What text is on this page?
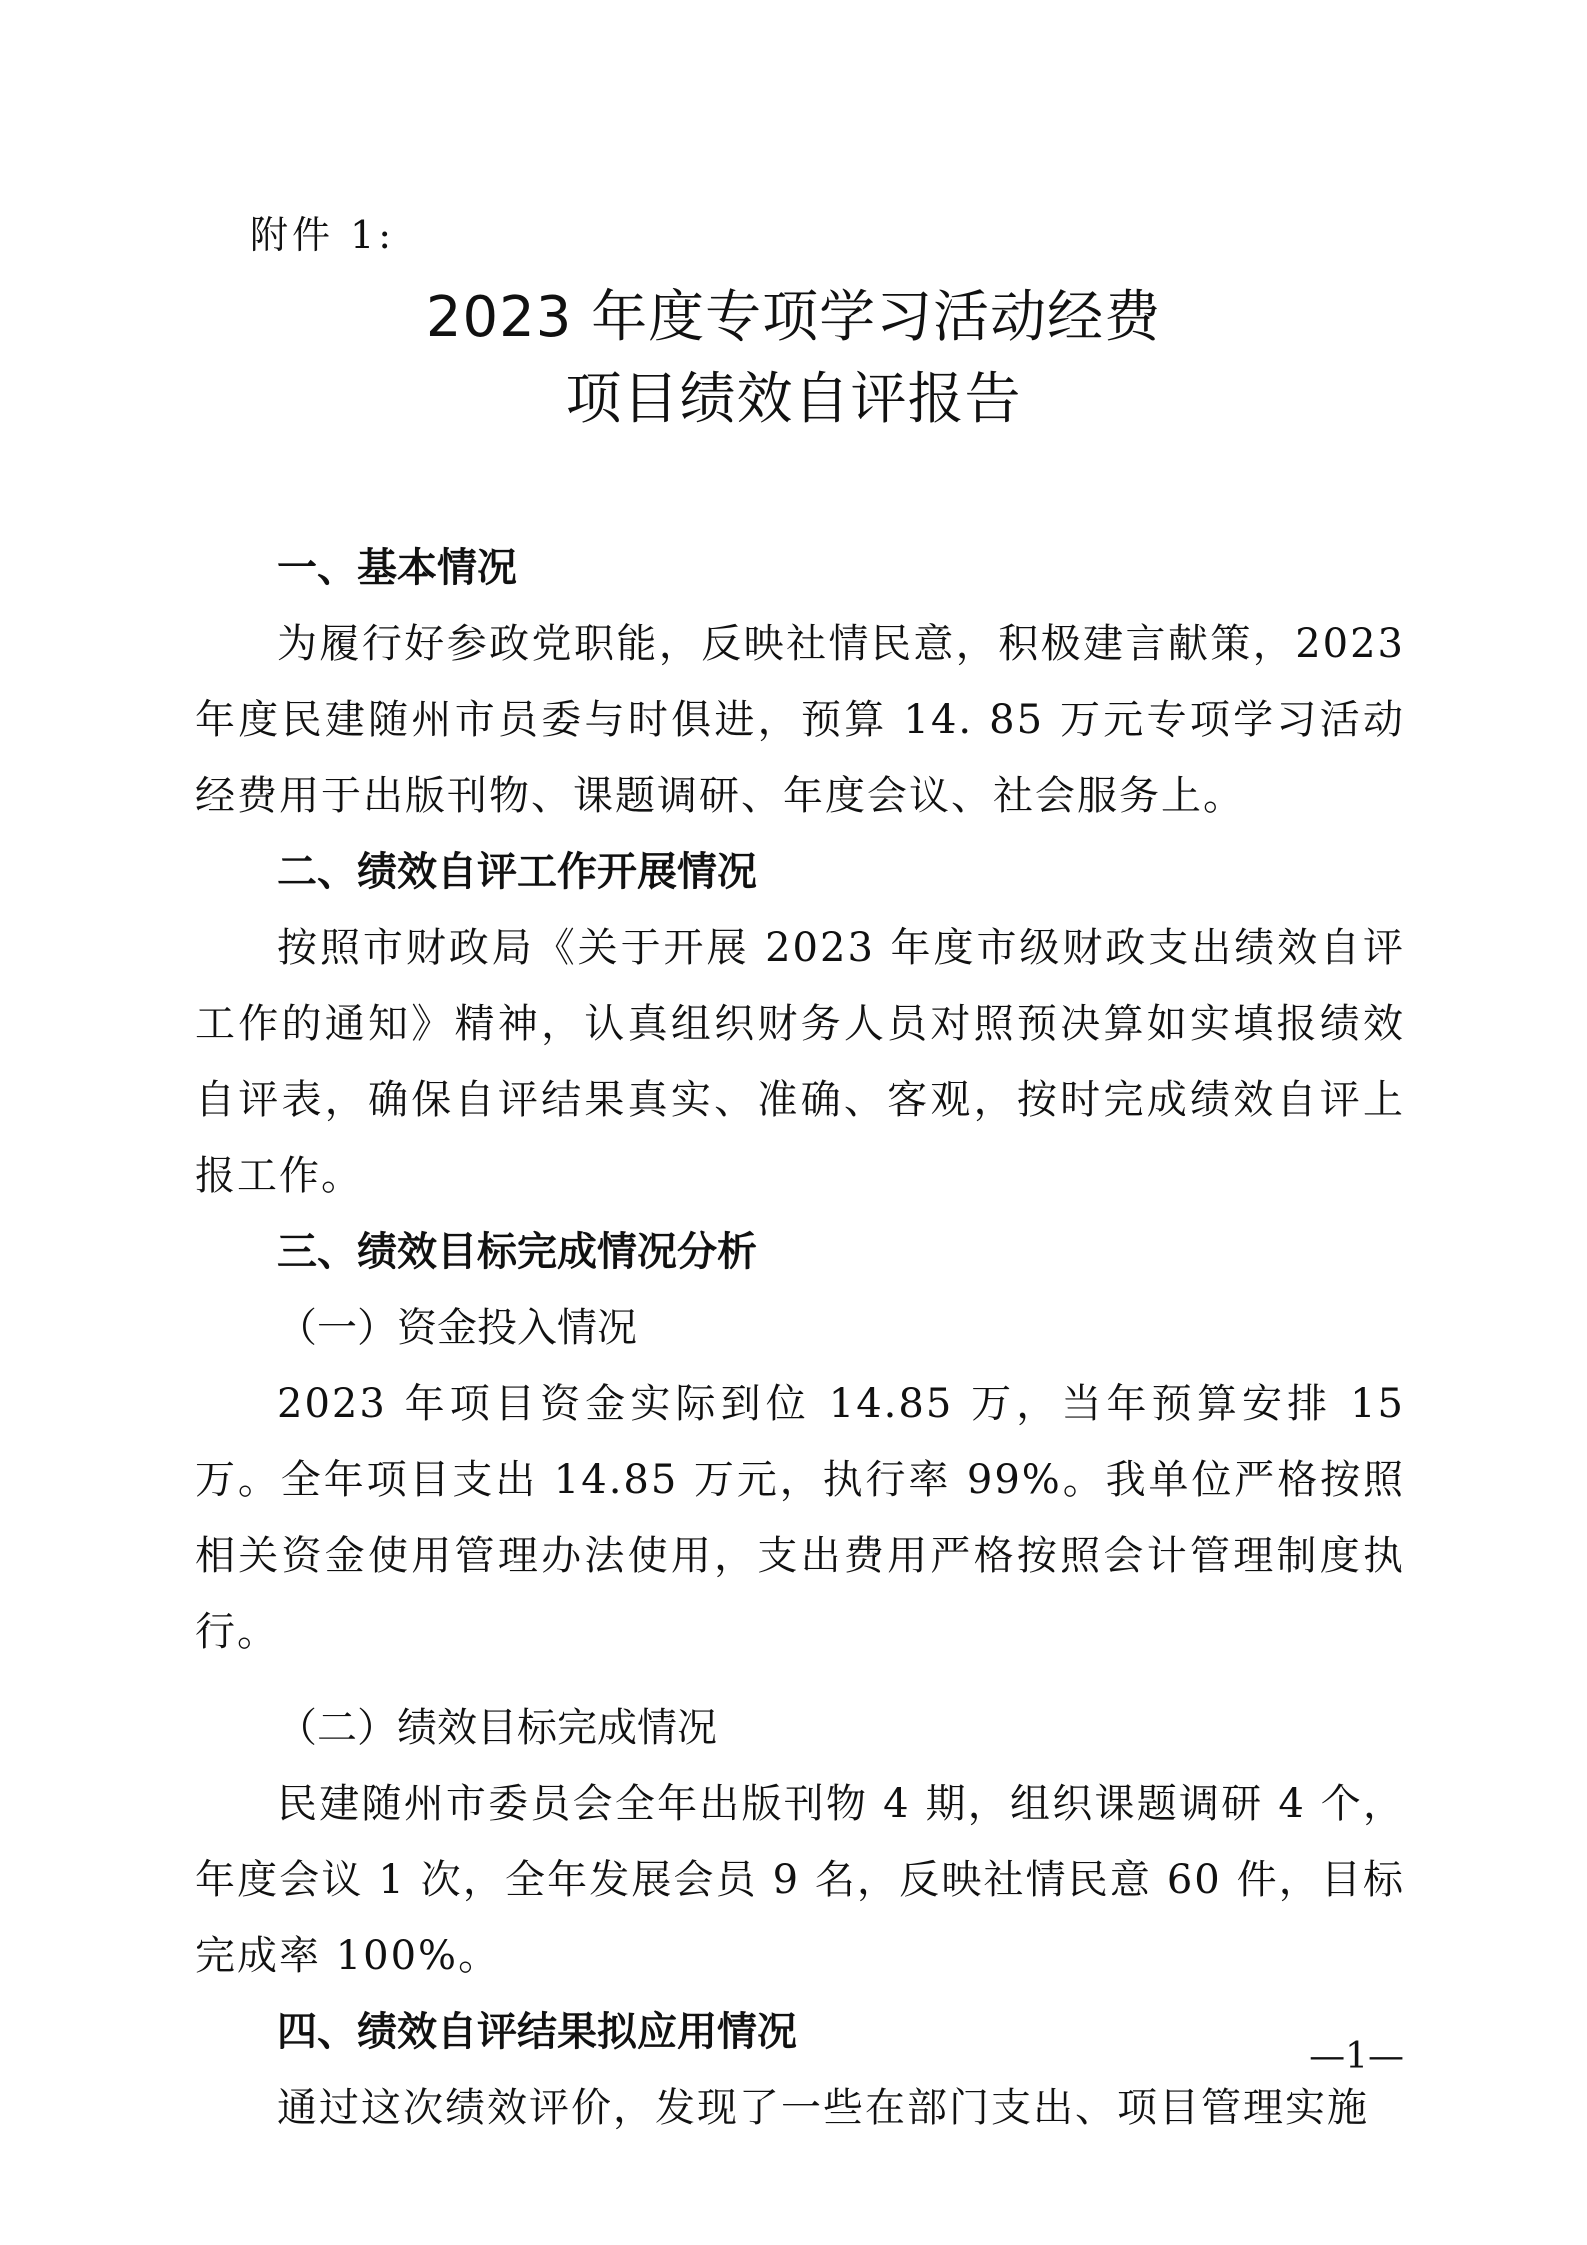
附件 1:
2023 年度专项学习活动经费
项目绩效自评报告

一、基本情况

为履行好参政党职能，反映社情民意，积极建言献策，2023 年度民建随州市员委与时俱进，预算 14. 85 万元专项学习活动经费用于出版刊物、课题调研、年度会议、社会服务上。

二、绩效自评工作开展情况

按照市财政局《关于开展 2023 年度市级财政支出绩效自评工作的通知》精神，认真组织财务人员对照预决算如实填报绩效自评表，确保自评结果真实、准确、客观，按时完成绩效自评上报工作。

三、绩效目标完成情况分析

（一）资金投入情况

2023 年项目资金实际到位 14.85 万，当年预算安排 15 万。全年项目支出 14.85 万元，执行率 99%。我单位严格按照相关资金使用管理办法使用，支出费用严格按照会计管理制度执行。

（二）绩效目标完成情况

民建随州市委员会全年出版刊物 4 期，组织课题调研 4 个，年度会议 1 次，全年发展会员 9 名，反映社情民意 60 件，目标完成率 100%。

四、绩效自评结果拟应用情况

通过这次绩效评价，发现了一些在部门支出、项目管理实施

—1—
